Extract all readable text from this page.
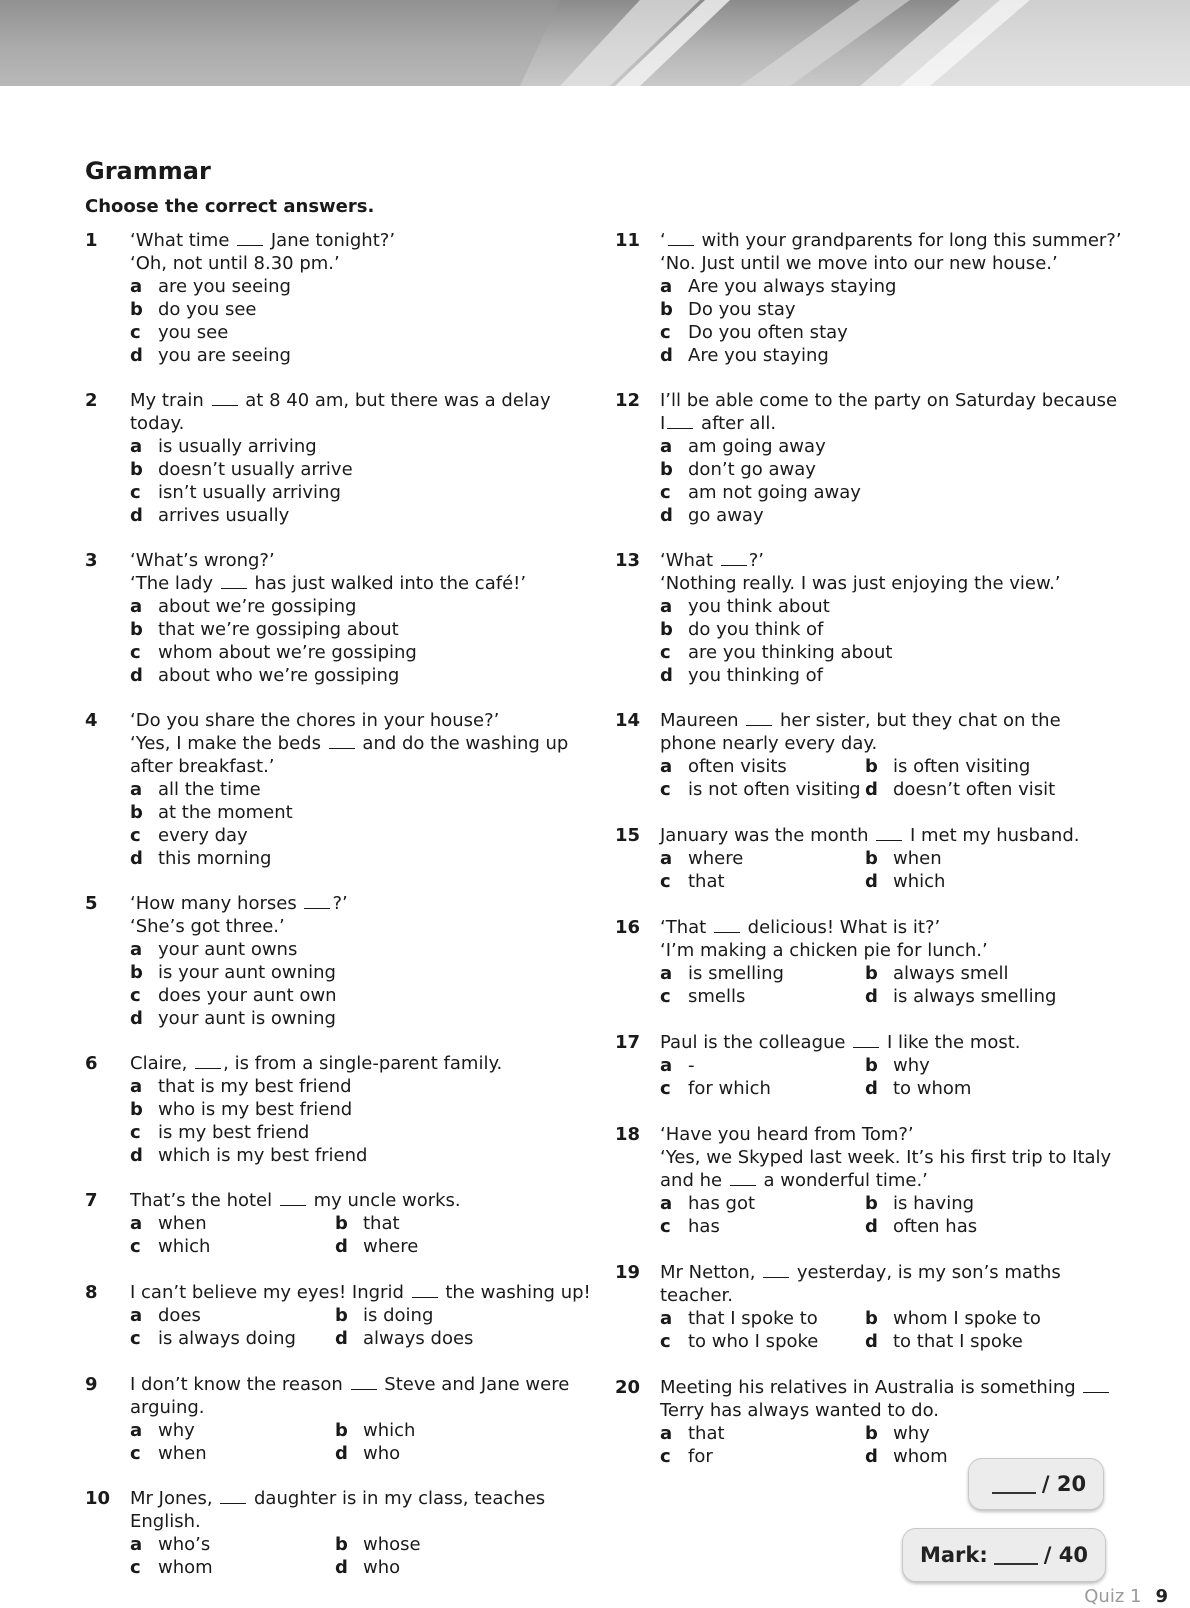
Grammar

Choose the correct answers.

1 ‘What time  Jane tonight?’
‘Oh, not until 8.30 pm.’
a are you seeing
b do you see
c you see
d you are seeing
2 My train  at 8 40 am, but there was a delay
today.
a is usually arriving
b doesn’t usually arrive
c isn’t usually arriving
d arrives usually
3 ‘What’s wrong?’
‘The lady  has just walked into the café!’
a about we’re gossiping
b that we’re gossiping about
c whom about we’re gossiping
d about who we’re gossiping
4 ‘Do you share the chores in your house?’
‘Yes, I make the beds  and do the washing up
after breakfast.’
a all the time
b at the moment
c every day
d this morning
5 ‘How many horses ?’
‘She’s got three.’
a your aunt owns
b is your aunt owning
c does your aunt own
d your aunt is owning
6 Claire, , is from a single-parent family.
a that is my best friend
b who is my best friend
c is my best friend
d which is my best friend
7 That’s the hotel  my uncle works.
a when	b that
c which	d where
8 I can’t believe my eyes! Ingrid  the washing up!
a does	b is doing
c is always doing	d always does
9 I don’t know the reason  Steve and Jane were
arguing.
a why	b which
c when	d who
10 Mr Jones,  daughter is in my class, teaches
English.
a who’s	b whose
c whom	d who
11 ‘ with your grandparents for long this summer?’
‘No. Just until we move into our new house.’
a Are you always staying
b Do you stay
c Do you often stay
d Are you staying
12 I’ll be able come to the party on Saturday because
I after all.
a am going away
b don’t go away
c am not going away
d go away
13 ‘What ?’
‘Nothing really. I was just enjoying the view.’
a you think about
b do you think of
c are you thinking about
d you thinking of
14 Maureen  her sister, but they chat on the
phone nearly every day.
a often visits	b is often visiting
c is not often visiting d doesn’t often visit
15 January was the month  I met my husband.
a where	b when
c that	d which
16 ‘That  delicious! What is it?’
‘I’m making a chicken pie for lunch.’
a is smelling	b always smell
c smells	d is always smelling
17 Paul is the colleague  I like the most.
a -	b why
c for which	d to whom
18 ‘Have you heard from Tom?’
‘Yes, we Skyped last week. It’s his first trip to Italy
and he  a wonderful time.’
a has got	b is having
c has	d often has
19 Mr Netton,  yesterday, is my son’s maths
teacher.
a that I spoke to	b whom I spoke to
c to who I spoke	d to that I spoke
20 Meeting his relatives in Australia is something
Terry has always wanted to do.
a that	b why
c for	d whom
/ 20
Mark:	/ 40
Quiz 1 9
